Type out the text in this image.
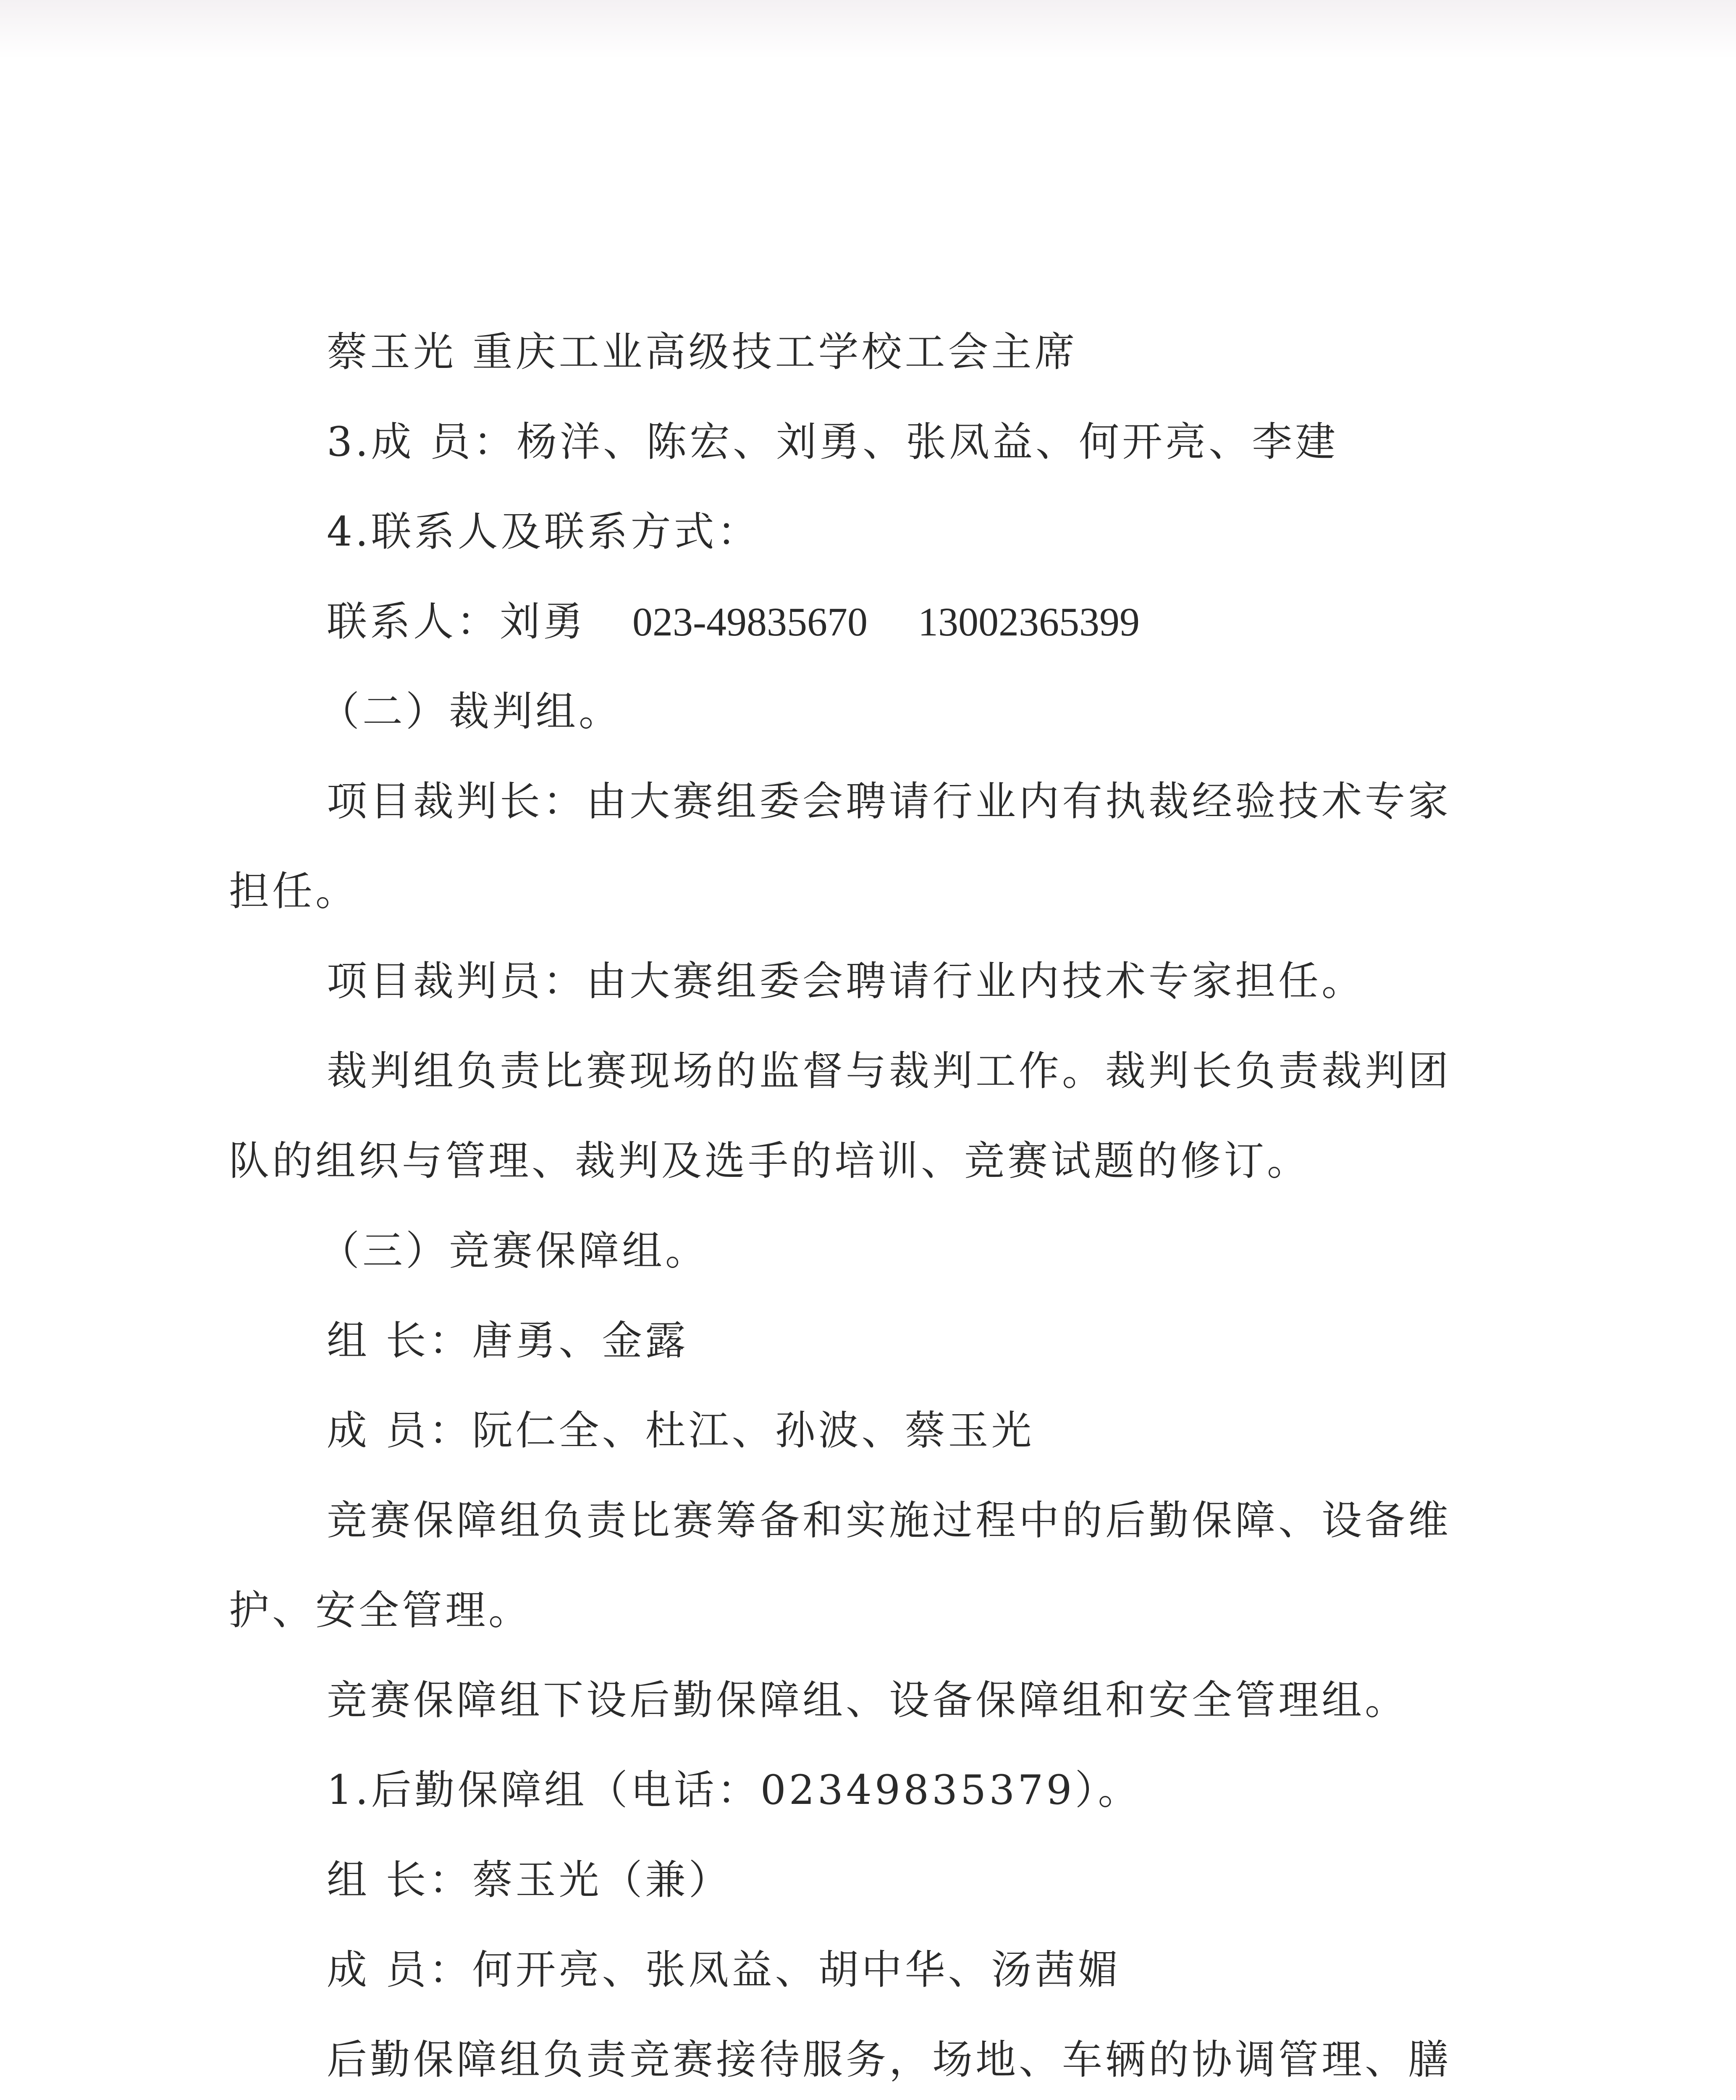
蔡玉光 重庆工业高级技工学校工会主席
3.成 员：杨洋、陈宏、刘勇、张凤益、何开亮、李建
4.联系人及联系方式：
联系人：刘勇 023-49835670 13002365399
（二）裁判组。
项目裁判长：由大赛组委会聘请行业内有执裁经验技术专家
担任。
项目裁判员：由大赛组委会聘请行业内技术专家担任。
裁判组负责比赛现场的监督与裁判工作。裁判长负责裁判团
队的组织与管理、裁判及选手的培训、竞赛试题的修订。
（三）竞赛保障组。
组 长：唐勇、金露
成 员：阮仁全、杜江、孙波、蔡玉光
竞赛保障组负责比赛筹备和实施过程中的后勤保障、设备维
护、安全管理。
竞赛保障组下设后勤保障组、设备保障组和安全管理组。
1.后勤保障组（电话：02349835379）。
组 长：蔡玉光（兼）
成 员：何开亮、张凤益、胡中华、汤茜媚
后勤保障组负责竞赛接待服务，场地、车辆的协调管理、膳
